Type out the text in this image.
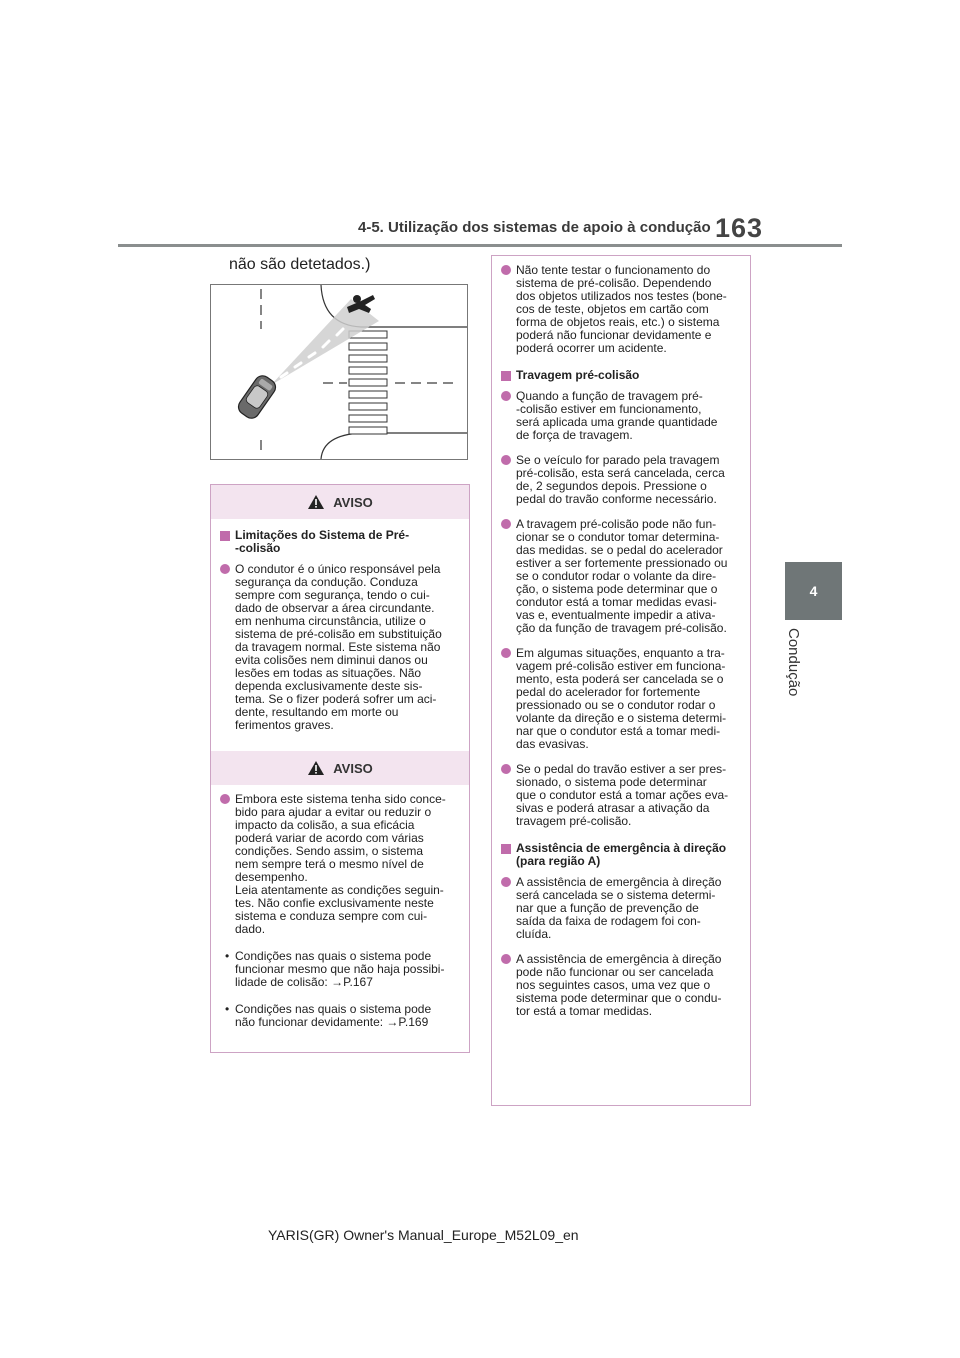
4-5. Utilização dos sistemas de apoio à condução 163
4
Condução
não são detetados.)
AVISO
Limitações do Sistema de Pré-
-colisão
O condutor é o único responsável pela
segurança da condução. Conduza
sempre com segurança, tendo o cui-
dado de observar a área circundante.
em nenhuma circunstância, utilize o
sistema de pré-colisão em substituição
da travagem normal. Este sistema não
evita colisões nem diminui danos ou
lesões em todas as situações. Não
dependa exclusivamente deste sis-
tema. Se o fizer poderá sofrer um aci-
dente, resultando em morte ou
ferimentos graves.
AVISO
Embora este sistema tenha sido conce-
bido para ajudar a evitar ou reduzir o
impacto da colisão, a sua eficácia
poderá variar de acordo com várias
condições. Sendo assim, o sistema
nem sempre terá o mesmo nível de
desempenho.
Leia atentamente as condições seguin-
tes. Não confie exclusivamente neste
sistema e conduza sempre com cui-
dado.
• Condições nas quais o sistema pode
funcionar mesmo que não haja possibi-
lidade de colisão: →P.167
• Condições nas quais o sistema pode
não funcionar devidamente: →P.169
Não tente testar o funcionamento do
sistema de pré-colisão. Dependendo
dos objetos utilizados nos testes (bone-
cos de teste, objetos em cartão com
forma de objetos reais, etc.) o sistema
poderá não funcionar devidamente e
poderá ocorrer um acidente.
Travagem pré-colisão
Quando a função de travagem pré-
-colisão estiver em funcionamento,
será aplicada uma grande quantidade
de força de travagem.
Se o veículo for parado pela travagem
pré-colisão, esta será cancelada, cerca
de, 2 segundos depois. Pressione o
pedal do travão conforme necessário.
A travagem pré-colisão pode não fun-
cionar se o condutor tomar determina-
das medidas. se o pedal do acelerador
estiver a ser fortemente pressionado ou
se o condutor rodar o volante da dire-
ção, o sistema pode determinar que o
condutor está a tomar medidas evasi-
vas e, eventualmente impedir a ativa-
ção da função de travagem pré-colisão.
Em algumas situações, enquanto a tra-
vagem pré-colisão estiver em funciona-
mento, esta poderá ser cancelada se o
pedal do acelerador for fortemente
pressionado ou se o condutor rodar o
volante da direção e o sistema determi-
nar que o condutor está a tomar medi-
das evasivas.
Se o pedal do travão estiver a ser pres-
sionado, o sistema pode determinar
que o condutor está a tomar ações eva-
sivas e poderá atrasar a ativação da
travagem pré-colisão.
Assistência de emergência à direção
(para região A)
A assistência de emergência à direção
será cancelada se o sistema determi-
nar que a função de prevenção de
saída da faixa de rodagem foi con-
cluída.
A assistência de emergência à direção
pode não funcionar ou ser cancelada
nos seguintes casos, uma vez que o
sistema pode determinar que o condu-
tor está a tomar medidas.
YARIS(GR) Owner's Manual_Europe_M52L09_en
